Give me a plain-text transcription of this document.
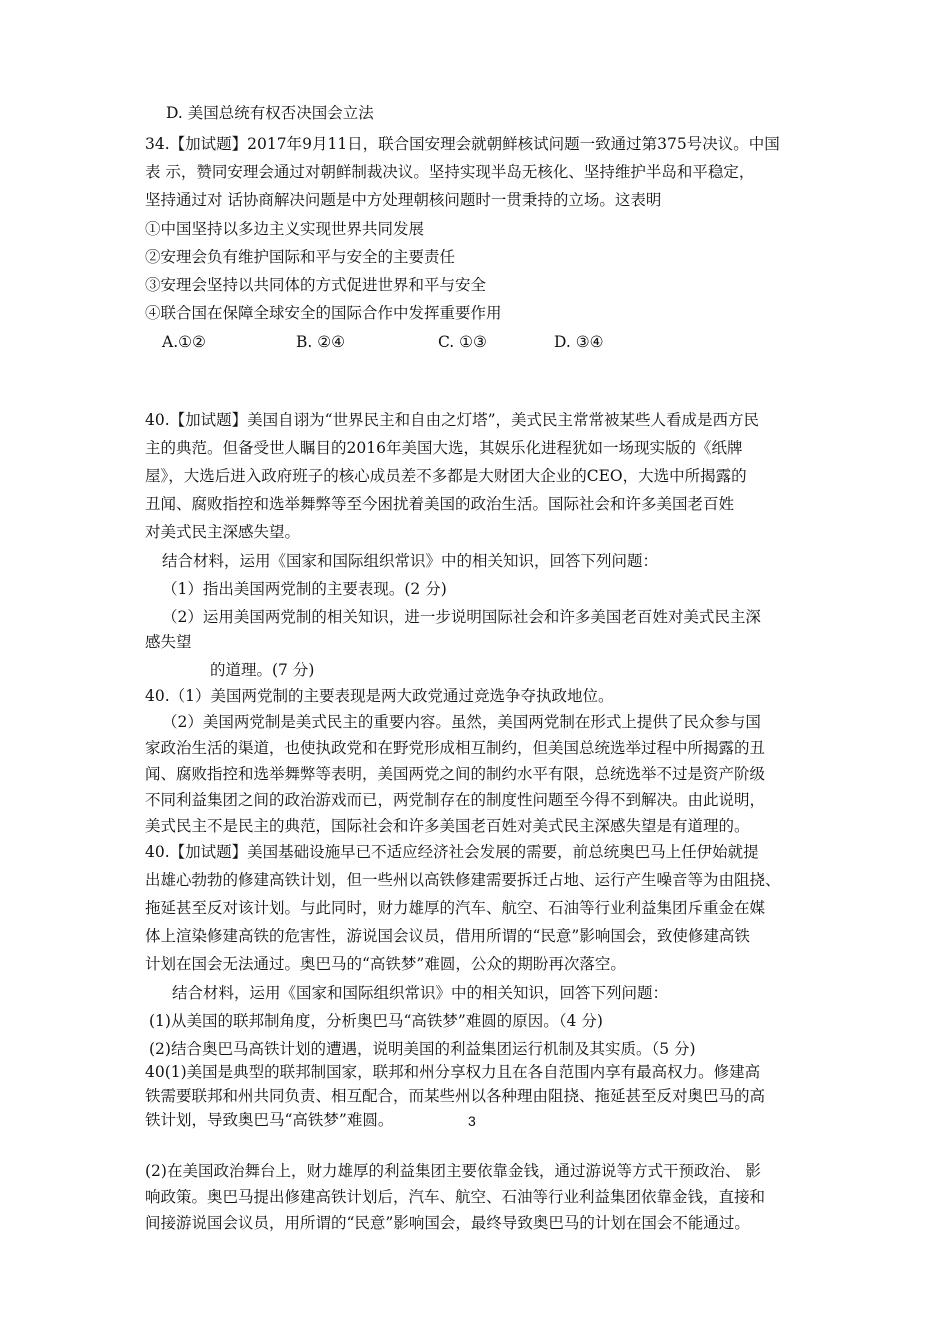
D. 美国总统有权否决国会立法
34.【加试题】2017年9月11日，联合国安理会就朝鲜核试问题一致通过第375号决议。中国
表 示，赞同安理会通过对朝鲜制裁决议。坚持实现半岛无核化、坚持维护半岛和平稳定，
坚持通过对 话协商解决问题是中方处理朝核问题时一贯秉持的立场。这表明
①中国坚持以多边主义实现世界共同发展
②安理会负有维护国际和平与安全的主要责任
③安理会坚持以共同体的方式促进世界和平与安全
④联合国在保障全球安全的国际合作中发挥重要作用
A.①②	B. ②④	C. ①③	D. ③④
40.【加试题】美国自诩为“世界民主和自由之灯塔”，美式民主常常被某些人看成是西方民
主的典范。但备受世人瞩目的2016年美国大选，其娱乐化进程犹如一场现实版的《纸牌
屋》，大选后进入政府班子的核心成员差不多都是大财团大企业的CEO，大选中所揭露的
丑闻、腐败指控和选举舞弊等至今困扰着美国的政治生活。国际社会和许多美国老百姓
对美式民主深感失望。
结合材料，运用《国家和国际组织常识》中的相关知识，回答下列问题：
（1）指出美国两党制的主要表现。(2 分)
（2）运用美国两党制的相关知识，进一步说明国际社会和许多美国老百姓对美式民主深
感失望
的道理。(7 分)
40.（1）美国两党制的主要表现是两大政党通过竞选争夺执政地位。
（2）美国两党制是美式民主的重要内容。虽然，美国两党制在形式上提供了民众参与国
家政治生活的渠道，也使执政党和在野党形成相互制约，但美国总统选举过程中所揭露的丑
闻、腐败指控和选举舞弊等表明，美国两党之间的制约水平有限，总统选举不过是资产阶级
不同利益集团之间的政治游戏而已，两党制存在的制度性问题至今得不到解决。由此说明，
美式民主不是民主的典范，国际社会和许多美国老百姓对美式民主深感失望是有道理的。
40.【加试题】美国基础设施早已不适应经济社会发展的需要，前总统奥巴马上任伊始就提
出雄心勃勃的修建高铁计划，但一些州以高铁修建需要拆迁占地、运行产生噪音等为由阻挠、
拖延甚至反对该计划。与此同时，财力雄厚的汽车、航空、石油等行业利益集团斥重金在媒
体上渲染修建高铁的危害性，游说国会议员，借用所谓的“民意”影响国会，致使修建高铁
计划在国会无法通过。奥巴马的“高铁梦”难圆，公众的期盼再次落空。
结合材料，运用《国家和国际组织常识》中的相关知识，回答下列问题：
(1)从美国的联邦制角度，分析奥巴马“高铁梦”难圆的原因。（4 分)
(2)结合奥巴马高铁计划的遭遇，说明美国的利益集团运行机制及其实质。（5 分)
40(1)美国是典型的联邦制国家，联邦和州分享权力且在各自范围内享有最高权力。修建高
铁需要联邦和州共同负责、相互配合，而某些州以各种理由阻挠、拖延甚至反对奥巴马的高
铁计划，导致奥巴马“高铁梦”难圆。	3
(2)在美国政治舞台上，财力雄厚的利益集团主要依靠金钱，通过游说等方式干预政治、 影
响政策。奥巴马提出修建高铁计划后，汽车、航空、石油等行业利益集团依靠金钱，直接和
间接游说国会议员，用所谓的“民意”影响国会，最终导致奥巴马的计划在国会不能通过。
